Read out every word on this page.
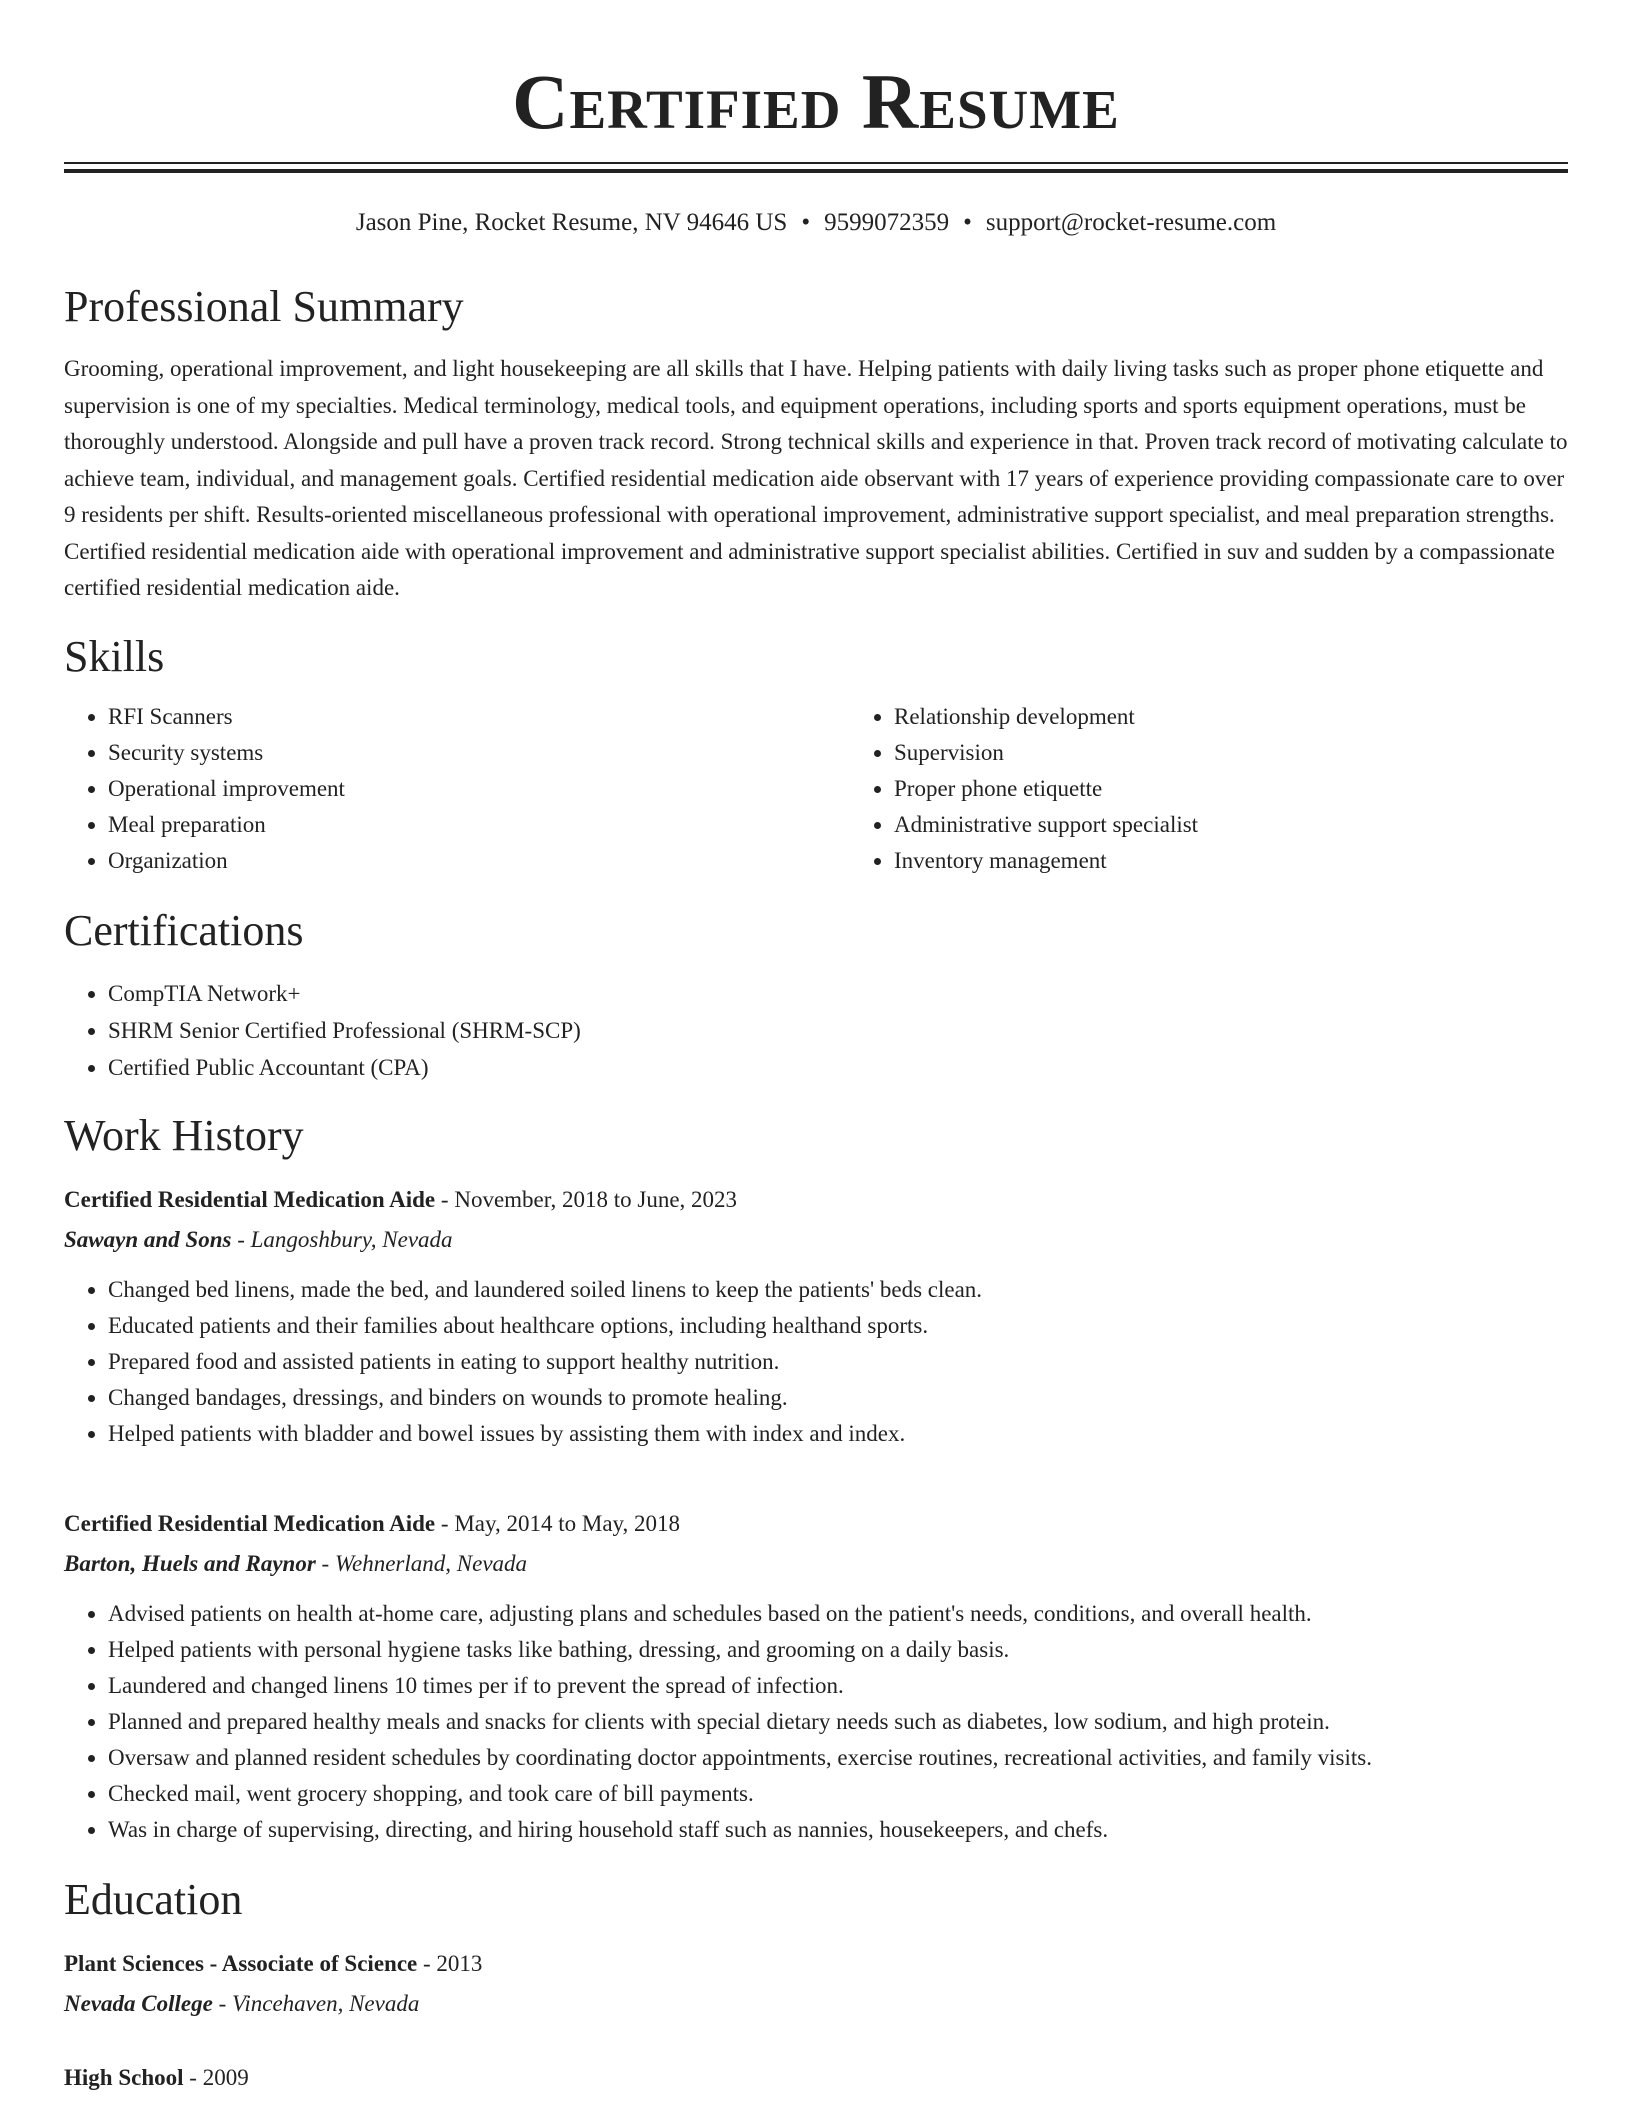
Certified Resume
Jason Pine, Rocket Resume, NV 94646 US • 9599072359 • support@rocket-resume.com
Professional Summary

Grooming, operational improvement, and light housekeeping are all skills that I have. Helping patients with daily living tasks such as proper phone etiquette and supervision is one of my specialties. Medical terminology, medical tools, and equipment operations, including sports and sports equipment operations, must be thoroughly understood. Alongside and pull have a proven track record. Strong technical skills and experience in that. Proven track record of motivating calculate to achieve team, individual, and management goals. Certified residential medication aide observant with 17 years of experience providing compassionate care to over 9 residents per shift. Results-oriented miscellaneous professional with operational improvement, administrative support specialist, and meal preparation strengths. Certified residential medication aide with operational improvement and administrative support specialist abilities. Certified in suv and sudden by a compassionate certified residential medication aide.

Skills
• RFI Scanners
• Security systems
• Operational improvement
• Meal preparation
• Organization
• Relationship development
• Supervision
• Proper phone etiquette
• Administrative support specialist
• Inventory management
Certifications
• CompTIA Network+
• SHRM Senior Certified Professional (SHRM-SCP)
• Certified Public Accountant (CPA)
Work History
Certified Residential Medication Aide - November, 2018 to June, 2023
Sawayn and Sons - Langoshbury, Nevada
• Changed bed linens, made the bed, and laundered soiled linens to keep the patients' beds clean.
• Educated patients and their families about healthcare options, including healthand sports.
• Prepared food and assisted patients in eating to support healthy nutrition.
• Changed bandages, dressings, and binders on wounds to promote healing.
• Helped patients with bladder and bowel issues by assisting them with index and index.
Certified Residential Medication Aide - May, 2014 to May, 2018
Barton, Huels and Raynor - Wehnerland, Nevada
• Advised patients on health at-home care, adjusting plans and schedules based on the patient's needs, conditions, and overall health.
• Helped patients with personal hygiene tasks like bathing, dressing, and grooming on a daily basis.
• Laundered and changed linens 10 times per if to prevent the spread of infection.
• Planned and prepared healthy meals and snacks for clients with special dietary needs such as diabetes, low sodium, and high protein.
• Oversaw and planned resident schedules by coordinating doctor appointments, exercise routines, recreational activities, and family visits.
• Checked mail, went grocery shopping, and took care of bill payments.
• Was in charge of supervising, directing, and hiring household staff such as nannies, housekeepers, and chefs.
Education
Plant Sciences - Associate of Science - 2013
Nevada College - Vincehaven, Nevada
High School - 2009
